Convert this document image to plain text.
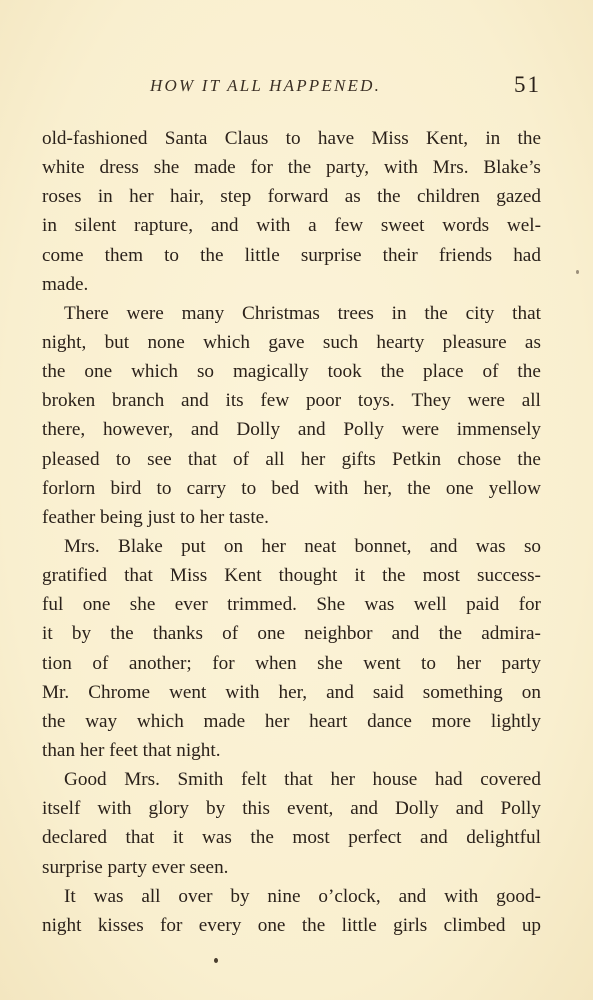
HOW IT ALL HAPPENED.	51
old-fashioned Santa Claus to have Miss Kent, in the
white dress she made for the party, with Mrs. Blake’s
roses in her hair, step forward as the children gazed
in silent rapture, and with a few sweet words wel-
come them to the little surprise their friends had
made.
There were many Christmas trees in the city that
night, but none which gave such hearty pleasure as
the one which so magically took the place of the
broken branch and its few poor toys. They were all
there, however, and Dolly and Polly were immensely
pleased to see that of all her gifts Petkin chose the
forlorn bird to carry to bed with her, the one yellow
feather being just to her taste.
Mrs. Blake put on her neat bonnet, and was so
gratified that Miss Kent thought it the most success-
ful one she ever trimmed. She was well paid for
it by the thanks of one neighbor and the admira-
tion of another; for when she went to her party
Mr. Chrome went with her, and said something on
the way which made her heart dance more lightly
than her feet that night.
Good Mrs. Smith felt that her house had covered
itself with glory by this event, and Dolly and Polly
declared that it was the most perfect and delightful
surprise party ever seen.
It was all over by nine o’clock, and with good-
night kisses for every one the little girls climbed up
